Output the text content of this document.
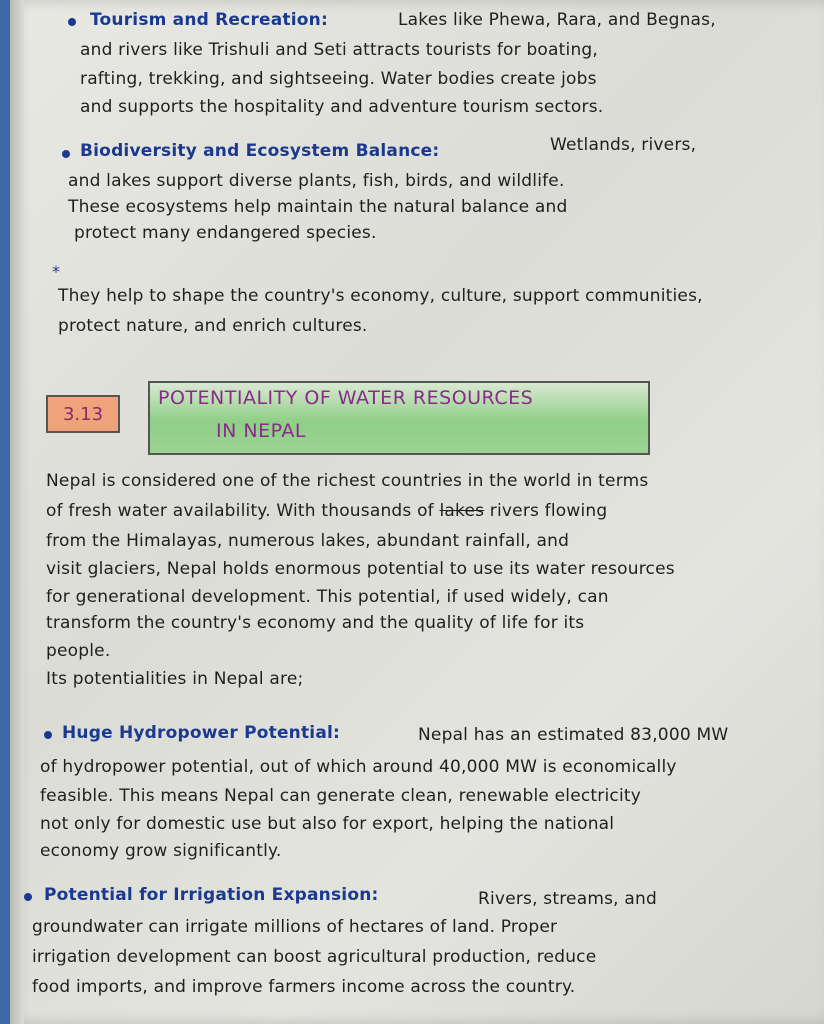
Tourism and Recreation:	Lakes like Phewa, Rara, and Begnas,
and rivers like Trishuli and Seti attracts tourists for boating,
rafting, trekking, and sightseeing. Water bodies create jobs
and supports the hospitality and adventure tourism sectors.
Biodiversity and Ecosystem Balance:	Wetlands, rivers,
and lakes support diverse plants, fish, birds, and wildlife.
These ecosystems help maintain the natural balance and
protect many endangered species.
*
They help to shape the country's economy, culture, support communities,
protect nature, and enrich cultures.
3.13
POTENTIALITY OF WATER RESOURCES
IN NEPAL
Nepal is considered one of the richest countries in the world in terms
of fresh water availability. With thousands of lakes rivers flowing
from the Himalayas, numerous lakes, abundant rainfall, and
visit glaciers, Nepal holds enormous potential to use its water resources
for generational development. This potential, if used widely, can
transform the country's economy and the quality of life for its
people.
Its potentialities in Nepal are;
Huge Hydropower Potential:	Nepal has an estimated 83,000 MW
of hydropower potential, out of which around 40,000 MW is economically
feasible. This means Nepal can generate clean, renewable electricity
not only for domestic use but also for export, helping the national
economy grow significantly.
Potential for Irrigation Expansion:	Rivers, streams, and
groundwater can irrigate millions of hectares of land. Proper
irrigation development can boost agricultural production, reduce
food imports, and improve farmers income across the country.
